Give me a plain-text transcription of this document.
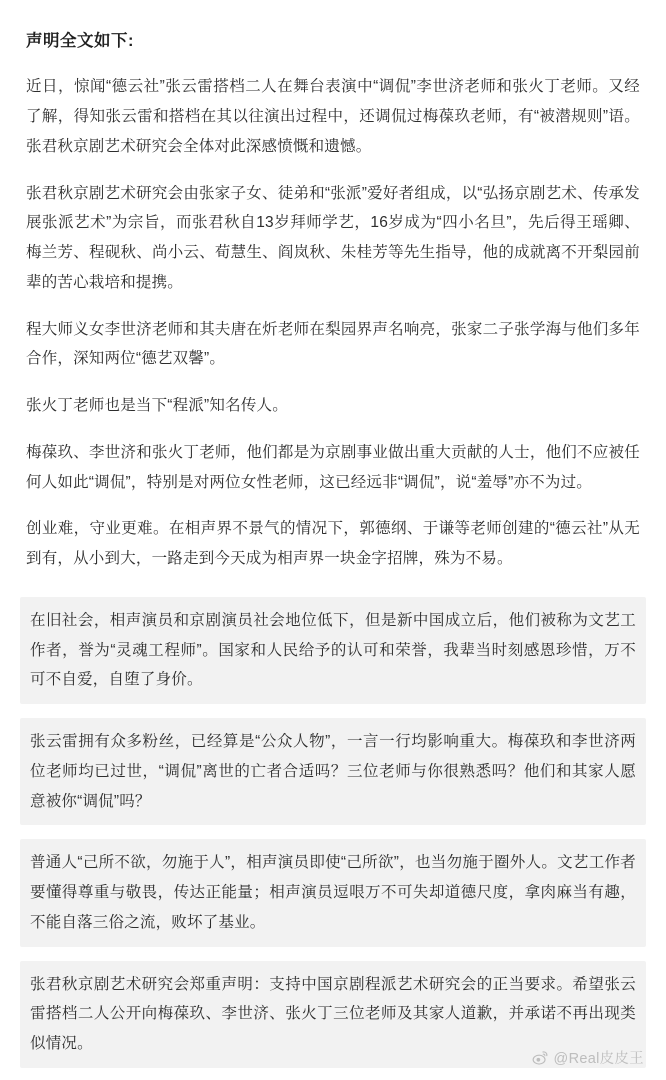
声明全文如下:
近日，惊闻“德云社”张云雷搭档二人在舞台表演中“调侃”李世济老师和张火丁老师。又经了解，得知张云雷和搭档在其以往演出过程中，还调侃过梅葆玖老师，有“被潜规则”语。张君秋京剧艺术研究会全体对此深感愤慨和遗憾。
张君秋京剧艺术研究会由张家子女、徒弟和“张派”爱好者组成，以“弘扬京剧艺术、传承发展张派艺术”为宗旨，而张君秋自13岁拜师学艺，16岁成为“四小名旦”，先后得王瑶卿、梅兰芳、程砚秋、尚小云、荀慧生、阎岚秋、朱桂芳等先生指导，他的成就离不开梨园前辈的苦心栽培和提携。
程大师义女李世济老师和其夫唐在炘老师在梨园界声名响亮，张家二子张学海与他们多年合作，深知两位“德艺双馨”。
张火丁老师也是当下“程派”知名传人。
梅葆玖、李世济和张火丁老师，他们都是为京剧事业做出重大贡献的人士，他们不应被任何人如此“调侃”，特别是对两位女性老师，这已经远非“调侃”，说“羞辱”亦不为过。
创业难，守业更难。在相声界不景气的情况下，郭德纲、于谦等老师创建的“德云社”从无到有，从小到大，一路走到今天成为相声界一块金字招牌，殊为不易。
在旧社会，相声演员和京剧演员社会地位低下，但是新中国成立后，他们被称为文艺工作者，誉为“灵魂工程师”。国家和人民给予的认可和荣誉，我辈当时刻感恩珍惜，万不可不自爱，自堕了身价。
张云雷拥有众多粉丝，已经算是“公众人物”，一言一行均影响重大。梅葆玖和李世济两位老师均已过世，“调侃”离世的亡者合适吗？三位老师与你很熟悉吗？他们和其家人愿意被你“调侃”吗？
普通人“己所不欲，勿施于人”，相声演员即使“己所欲”，也当勿施于圈外人。文艺工作者要懂得尊重与敬畏，传达正能量；相声演员逗哏万不可失却道德尺度，拿肉麻当有趣，不能自落三俗之流，败坏了基业。
张君秋京剧艺术研究会郑重声明：支持中国京剧程派艺术研究会的正当要求。希望张云雷搭档二人公开向梅葆玖、李世济、张火丁三位老师及其家人道歉，并承诺不再出现类似情况。
@Real皮皮王
